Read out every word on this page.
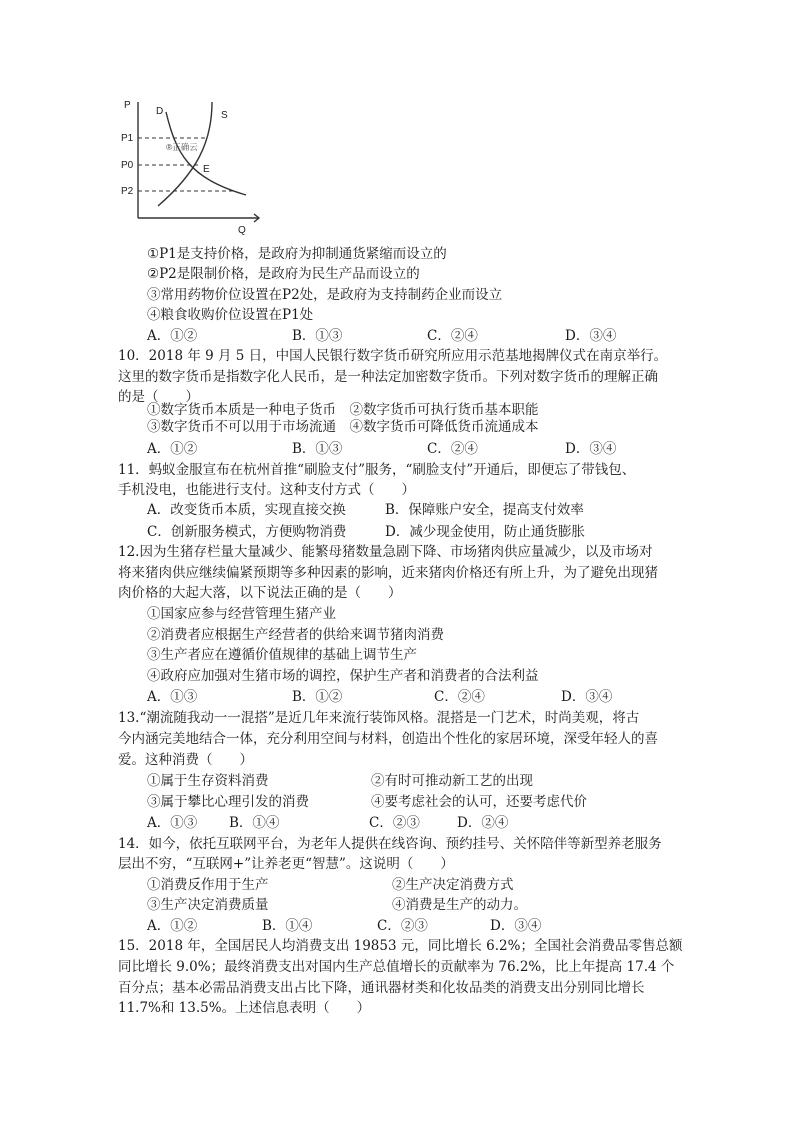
P
Q
D	S
E
P1
P0
P2
®正确云
①P1是支持价格，是政府为抑制通货紧缩而设立的
②P2是限制价格，是政府为民生产品而设立的
③常用药物价位设置在P2处，是政府为支持制药企业而设立
④粮食收购价位设置在P1处
A．①②	B．①③	C．②④	D．③④
10．2018 年 9 月 5 日，中国人民银行数字货币研究所应用示范基地揭牌仪式在南京举行。
这里的数字货币是指数字化人民币，是一种法定加密数字货币。下列对数字货币的理解正确
的是（　　）
①数字货币本质是一种电子货币　②数字货币可执行货币基本职能
③数字货币不可以用于市场流通　④数字货币可降低货币流通成本
A．①②	B．①③	C．②④	D．③④
11．蚂蚁金服宣布在杭州首推“刷脸支付”服务，“刷脸支付”开通后，即便忘了带钱包、
手机没电，也能进行支付。这种支付方式（　　）
A．改变货币本质，实现直接交换	B．保障账户安全，提高支付效率
C．创新服务模式，方便购物消费	D．减少现金使用，防止通货膨胀
12.因为生猪存栏量大量减少、能繁母猪数量急剧下降、市场猪肉供应量减少，以及市场对
将来猪肉供应继续偏紧预期等多种因素的影响，近来猪肉价格还有所上升，为了避免出现猪
肉价格的大起大落，以下说法正确的是（　　）
①国家应参与经营管理生猪产业
②消费者应根据生产经营者的供给来调节猪肉消费
③生产者应在遵循价值规律的基础上调节生产
④政府应加强对生猪市场的调控，保护生产者和消费者的合法利益
A．①③	B．①②	C．②④	D．③④
13.“潮流随我动一一混搭”是近几年来流行装饰风格。混搭是一门艺术，时尚美观，将古
今内涵完美地结合一体，充分利用空间与材料，创造出个性化的家居环境，深受年轻人的喜
爱。这种消费（　　）
①属于生存资料消费	②有时可推动新工艺的出现
③属于攀比心理引发的消费	④要考虑社会的认可，还要考虑代价
A．①③ B．①④	C．②③	D．②④
14．如今，依托互联网平台，为老年人提供在线咨询、预约挂号、关怀陪伴等新型养老服务
层出不穷，“互联网+”让养老更“智慧”。这说明（　　）
①消费反作用于生产	②生产决定消费方式
③生产决定消费质量	④消费是生产的动力。
A．①②	B．①④	C．②③	D．③④
15．2018 年，全国居民人均消费支出 19853 元，同比增长 6.2%；全国社会消费品零售总额
同比增长 9.0%；最终消费支出对国内生产总值增长的贡献率为 76.2%，比上年提高 17.4 个
百分点；基本必需品消费支出占比下降，通讯器材类和化妆品类的消费支出分别同比增长
11.7%和 13.5%。上述信息表明（　　）
